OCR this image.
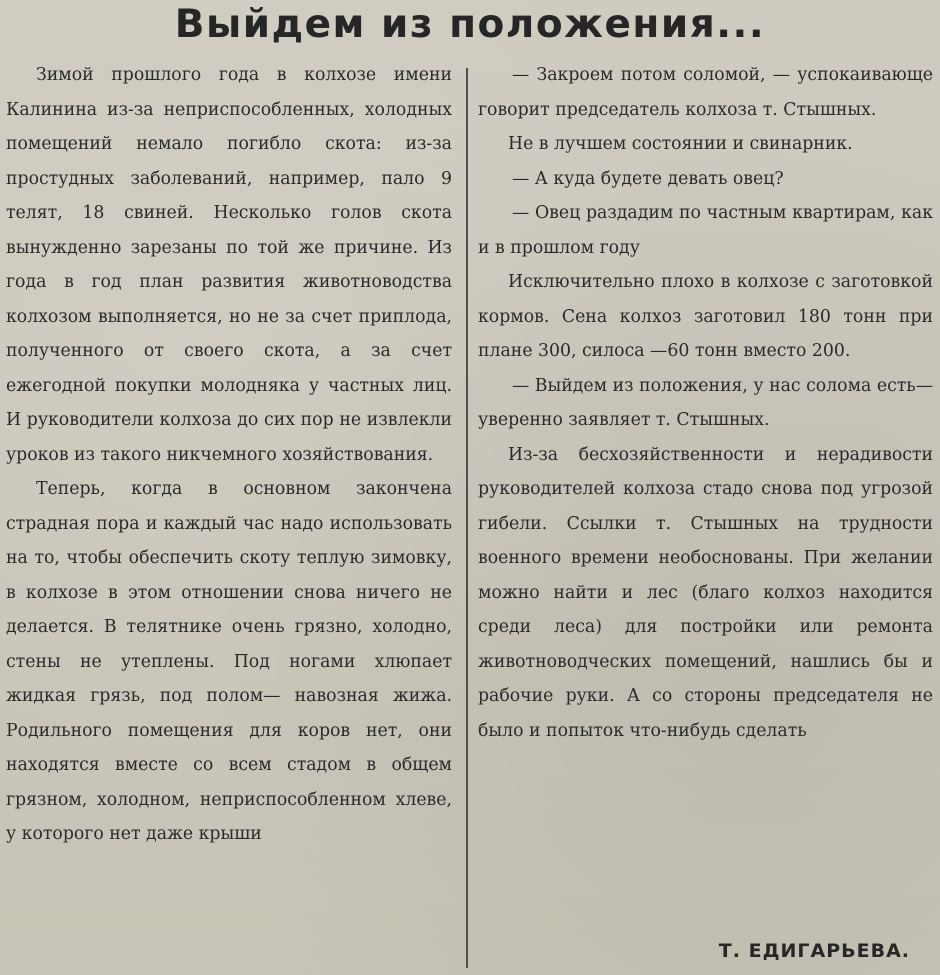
Выйдем из положения...

Зимой прошлого года в колхозе имени Калинина из-за неприспособленных, холодных помещений немало погибло скота: из-за простудных заболеваний, например, пало 9 телят, 18 свиней. Несколько голов скота вынужденно зарезаны по той же причине. Из года в год план развития животноводства колхозом выполняется, но не за счет приплода, полученного от своего скота, а за счет ежегодной покупки молодняка у частных лиц. И руководители колхоза до сих пор не извлекли уроков из такого никчемного хозяйствования.

Теперь, когда в основном закончена страдная пора и каждый час надо использовать на то, чтобы обеспечить скоту теплую зимовку, в колхозе в этом отношении снова ничего не делается. В телятнике очень грязно, холодно, стены не утеплены. Под ногами хлюпает жидкая грязь, под полом— навозная жижа. Родильного помещения для коров нет, они находятся вместе со всем стадом в общем грязном, холодном, неприспособленном хлеве, у которого нет даже крыши

— Закроем потом соломой, — успокаивающе говорит председатель колхоза т. Стышных.

Не в лучшем состоянии и свинарник.

— А куда будете девать овец?

— Овец раздадим по частным квартирам, как и в прошлом году

Исключительно плохо в колхозе с заготовкой кормов. Сена колхоз заготовил 180 тонн при плане 300, силоса —60 тонн вместо 200.

— Выйдем из положения, у нас солома есть—уверенно заявляет т. Стышных.

Из-за бесхозяйственности и нерадивости руководителей колхоза стадо снова под угрозой гибели. Ссылки т. Стышных на трудности военного времени необоснованы. При желании можно найти и лес (благо колхоз находится среди леса) для постройки или ремонта животноводческих помещений, нашлись бы и рабочие руки. А со стороны председателя не было и попыток что-нибудь сделать

Т. ЕДИГАРЬЕВА.
